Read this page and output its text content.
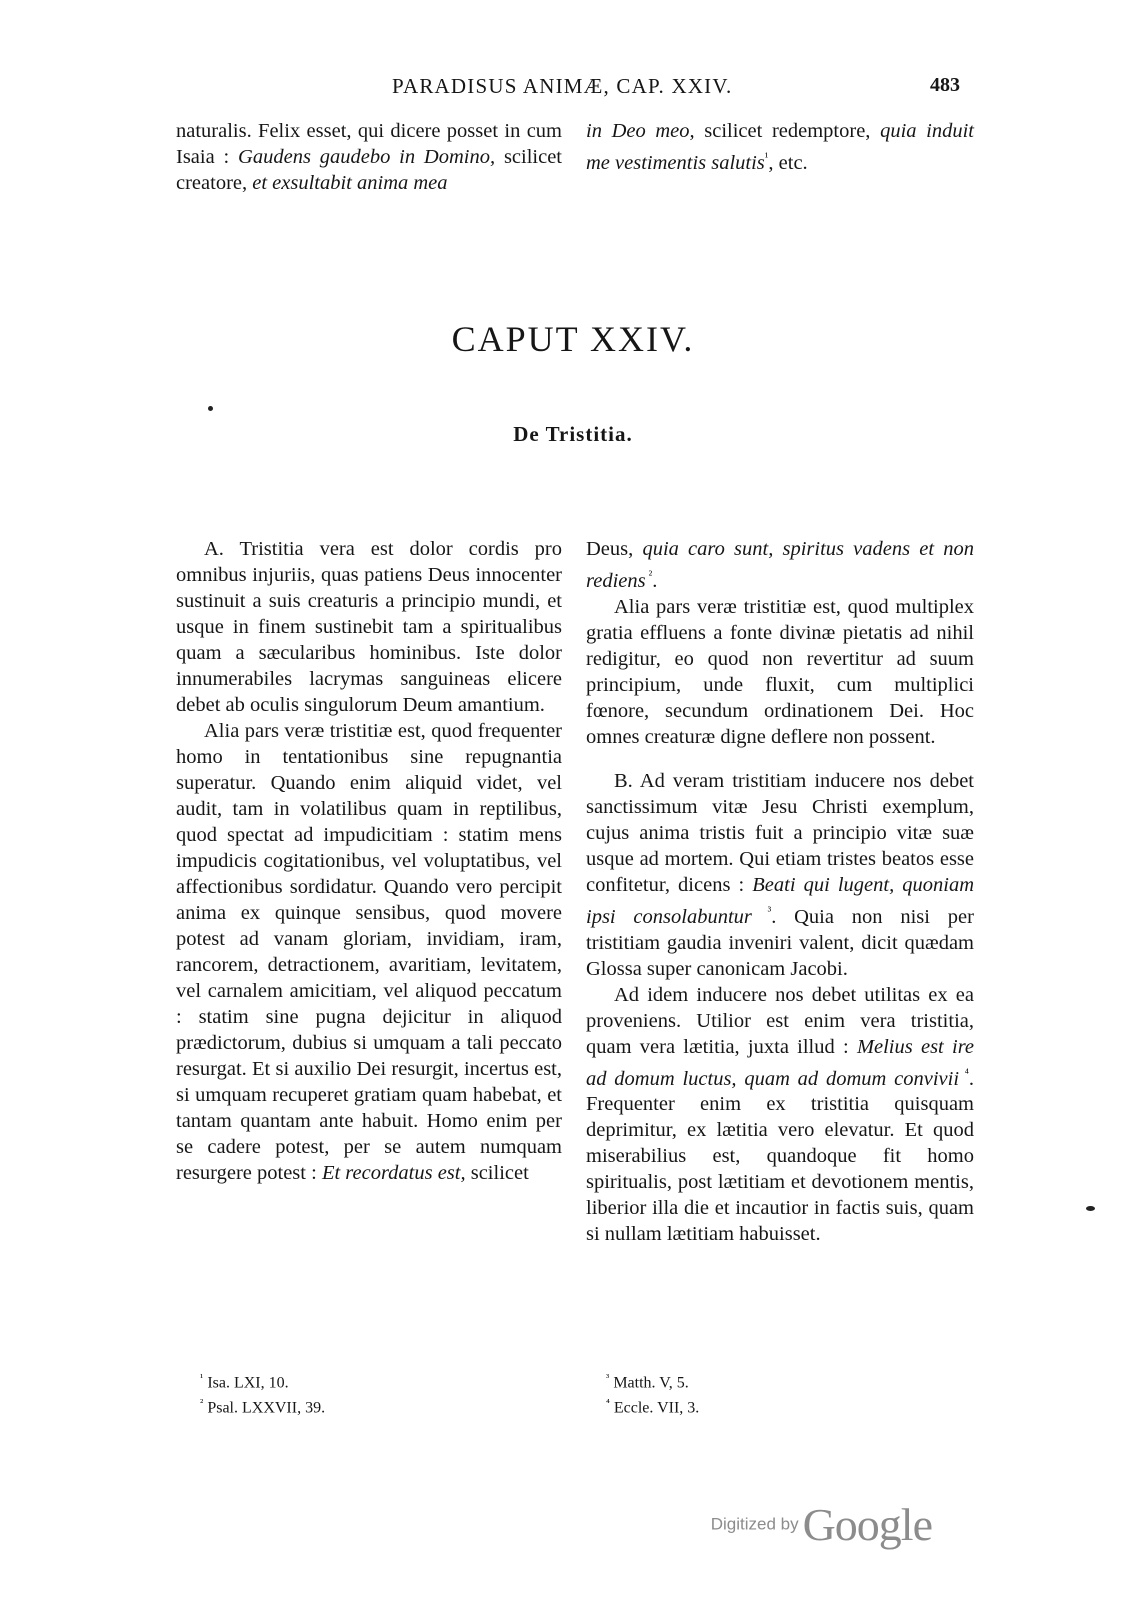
PARADISUS ANIMÆ, CAP. XXIV.	483

naturalis. Felix esset, qui dicere posset in cum Isaia : Gaudens gaudebo in Domino, scilicet creatore, et exsultabit anima mea

in Deo meo, scilicet redemptore, quia induit me vestimentis salutis$^{^1}$, etc.

CAPUT XXIV.
De Tristitia.

A. Tristitia vera est dolor cordis pro omnibus injuriis, quas patiens Deus innocenter sustinuit a suis creaturis a principio mundi, et usque in finem sustinebit tam a spiritualibus quam a sæcularibus hominibus. Iste dolor innumerabiles lacrymas sanguineas elicere debet ab oculis singulorum Deum amantium.

Alia pars veræ tristitiæ est, quod frequenter homo in tentationibus sine repugnantia superatur. Quando enim aliquid videt, vel audit, tam in volatilibus quam in reptilibus, quod spectat ad impudicitiam : statim mens impudicis cogitationibus, vel voluptatibus, vel affectionibus sordidatur. Quando vero percipit anima ex quinque sensibus, quod movere potest ad vanam gloriam, invidiam, iram, rancorem, detractionem, avaritiam, levitatem, vel carnalem amicitiam, vel aliquod peccatum : statim sine pugna dejicitur in aliquod prædictorum, dubius si umquam a tali peccato resurgat. Et si auxilio Dei resurgit, incertus est, si umquam recuperet gratiam quam habebat, et tantam quantam ante habuit. Homo enim per se cadere potest, per se autem numquam resurgere potest : Et recordatus est, scilicet

Deus, quia caro sunt, spiritus vadens et non rediens $^{^2}$.

Alia pars veræ tristitiæ est, quod multiplex gratia effluens a fonte divinæ pietatis ad nihil redigitur, eo quod non revertitur ad suum principium, unde fluxit, cum multiplici fœnore, secundum ordinationem Dei. Hoc omnes creaturæ digne deflere non possent.

B. Ad veram tristitiam inducere nos debet sanctissimum vitæ Jesu Christi exemplum, cujus anima tristis fuit a principio vitæ suæ usque ad mortem. Qui etiam tristes beatos esse confitetur, dicens : Beati qui lugent, quoniam ipsi consolabuntur $^{^3}$. Quia non nisi per tristitiam gaudia inveniri valent, dicit quædam Glossa super canonicam Jacobi.

Ad idem inducere nos debet utilitas ex ea proveniens. Utilior est enim vera tristitia, quam vera lætitia, juxta illud : Melius est ire ad domum luctus, quam ad domum convivii $^{^4}$. Frequenter enim ex tristitia quisquam deprimitur, ex lætitia vero elevatur. Et quod miserabilius est, quandoque fit homo spiritualis, post lætitiam et devotionem mentis, liberior illa die et incautior in factis suis, quam si nullam lætitiam habuisset.

$^{^1}$ Isa. LXI, 10.
$^{^2}$ Psal. LXXVII, 39.
$^{^3}$ Matth. V, 5.
$^{^4}$ Eccle. VII, 3.
Digitized by Google
